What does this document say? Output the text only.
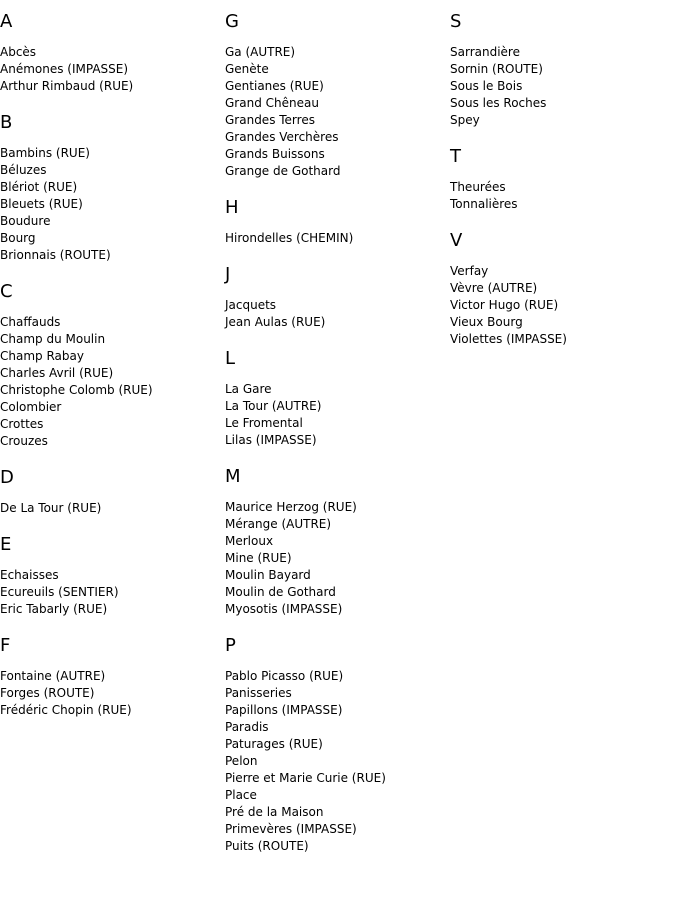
A
Abcès
Anémones (IMPASSE)
Arthur Rimbaud (RUE)
B
Bambins (RUE)
Béluzes
Blériot (RUE)
Bleuets (RUE)
Boudure
Bourg
Brionnais (ROUTE)
C
Chaffauds
Champ du Moulin
Champ Rabay
Charles Avril (RUE)
Christophe Colomb (RUE)
Colombier
Crottes
Crouzes
D
De La Tour (RUE)
E
Echaisses
Ecureuils (SENTIER)
Eric Tabarly (RUE)
F
Fontaine (AUTRE)
Forges (ROUTE)
Frédéric Chopin (RUE)
G
Ga (AUTRE)
Genète
Gentianes (RUE)
Grand Chêneau
Grandes Terres
Grandes Verchères
Grands Buissons
Grange de Gothard
H
Hirondelles (CHEMIN)
J
Jacquets
Jean Aulas (RUE)
L
La Gare
La Tour (AUTRE)
Le Fromental
Lilas (IMPASSE)
M
Maurice Herzog (RUE)
Mérange (AUTRE)
Merloux
Mine (RUE)
Moulin Bayard
Moulin de Gothard
Myosotis (IMPASSE)
P
Pablo Picasso (RUE)
Panisseries
Papillons (IMPASSE)
Paradis
Paturages (RUE)
Pelon
Pierre et Marie Curie (RUE)
Place
Pré de la Maison
Primevères (IMPASSE)
Puits (ROUTE)
S
Sarrandière
Sornin (ROUTE)
Sous le Bois
Sous les Roches
Spey
T
Theurées
Tonnalières
V
Verfay
Vèvre (AUTRE)
Victor Hugo (RUE)
Vieux Bourg
Violettes (IMPASSE)
